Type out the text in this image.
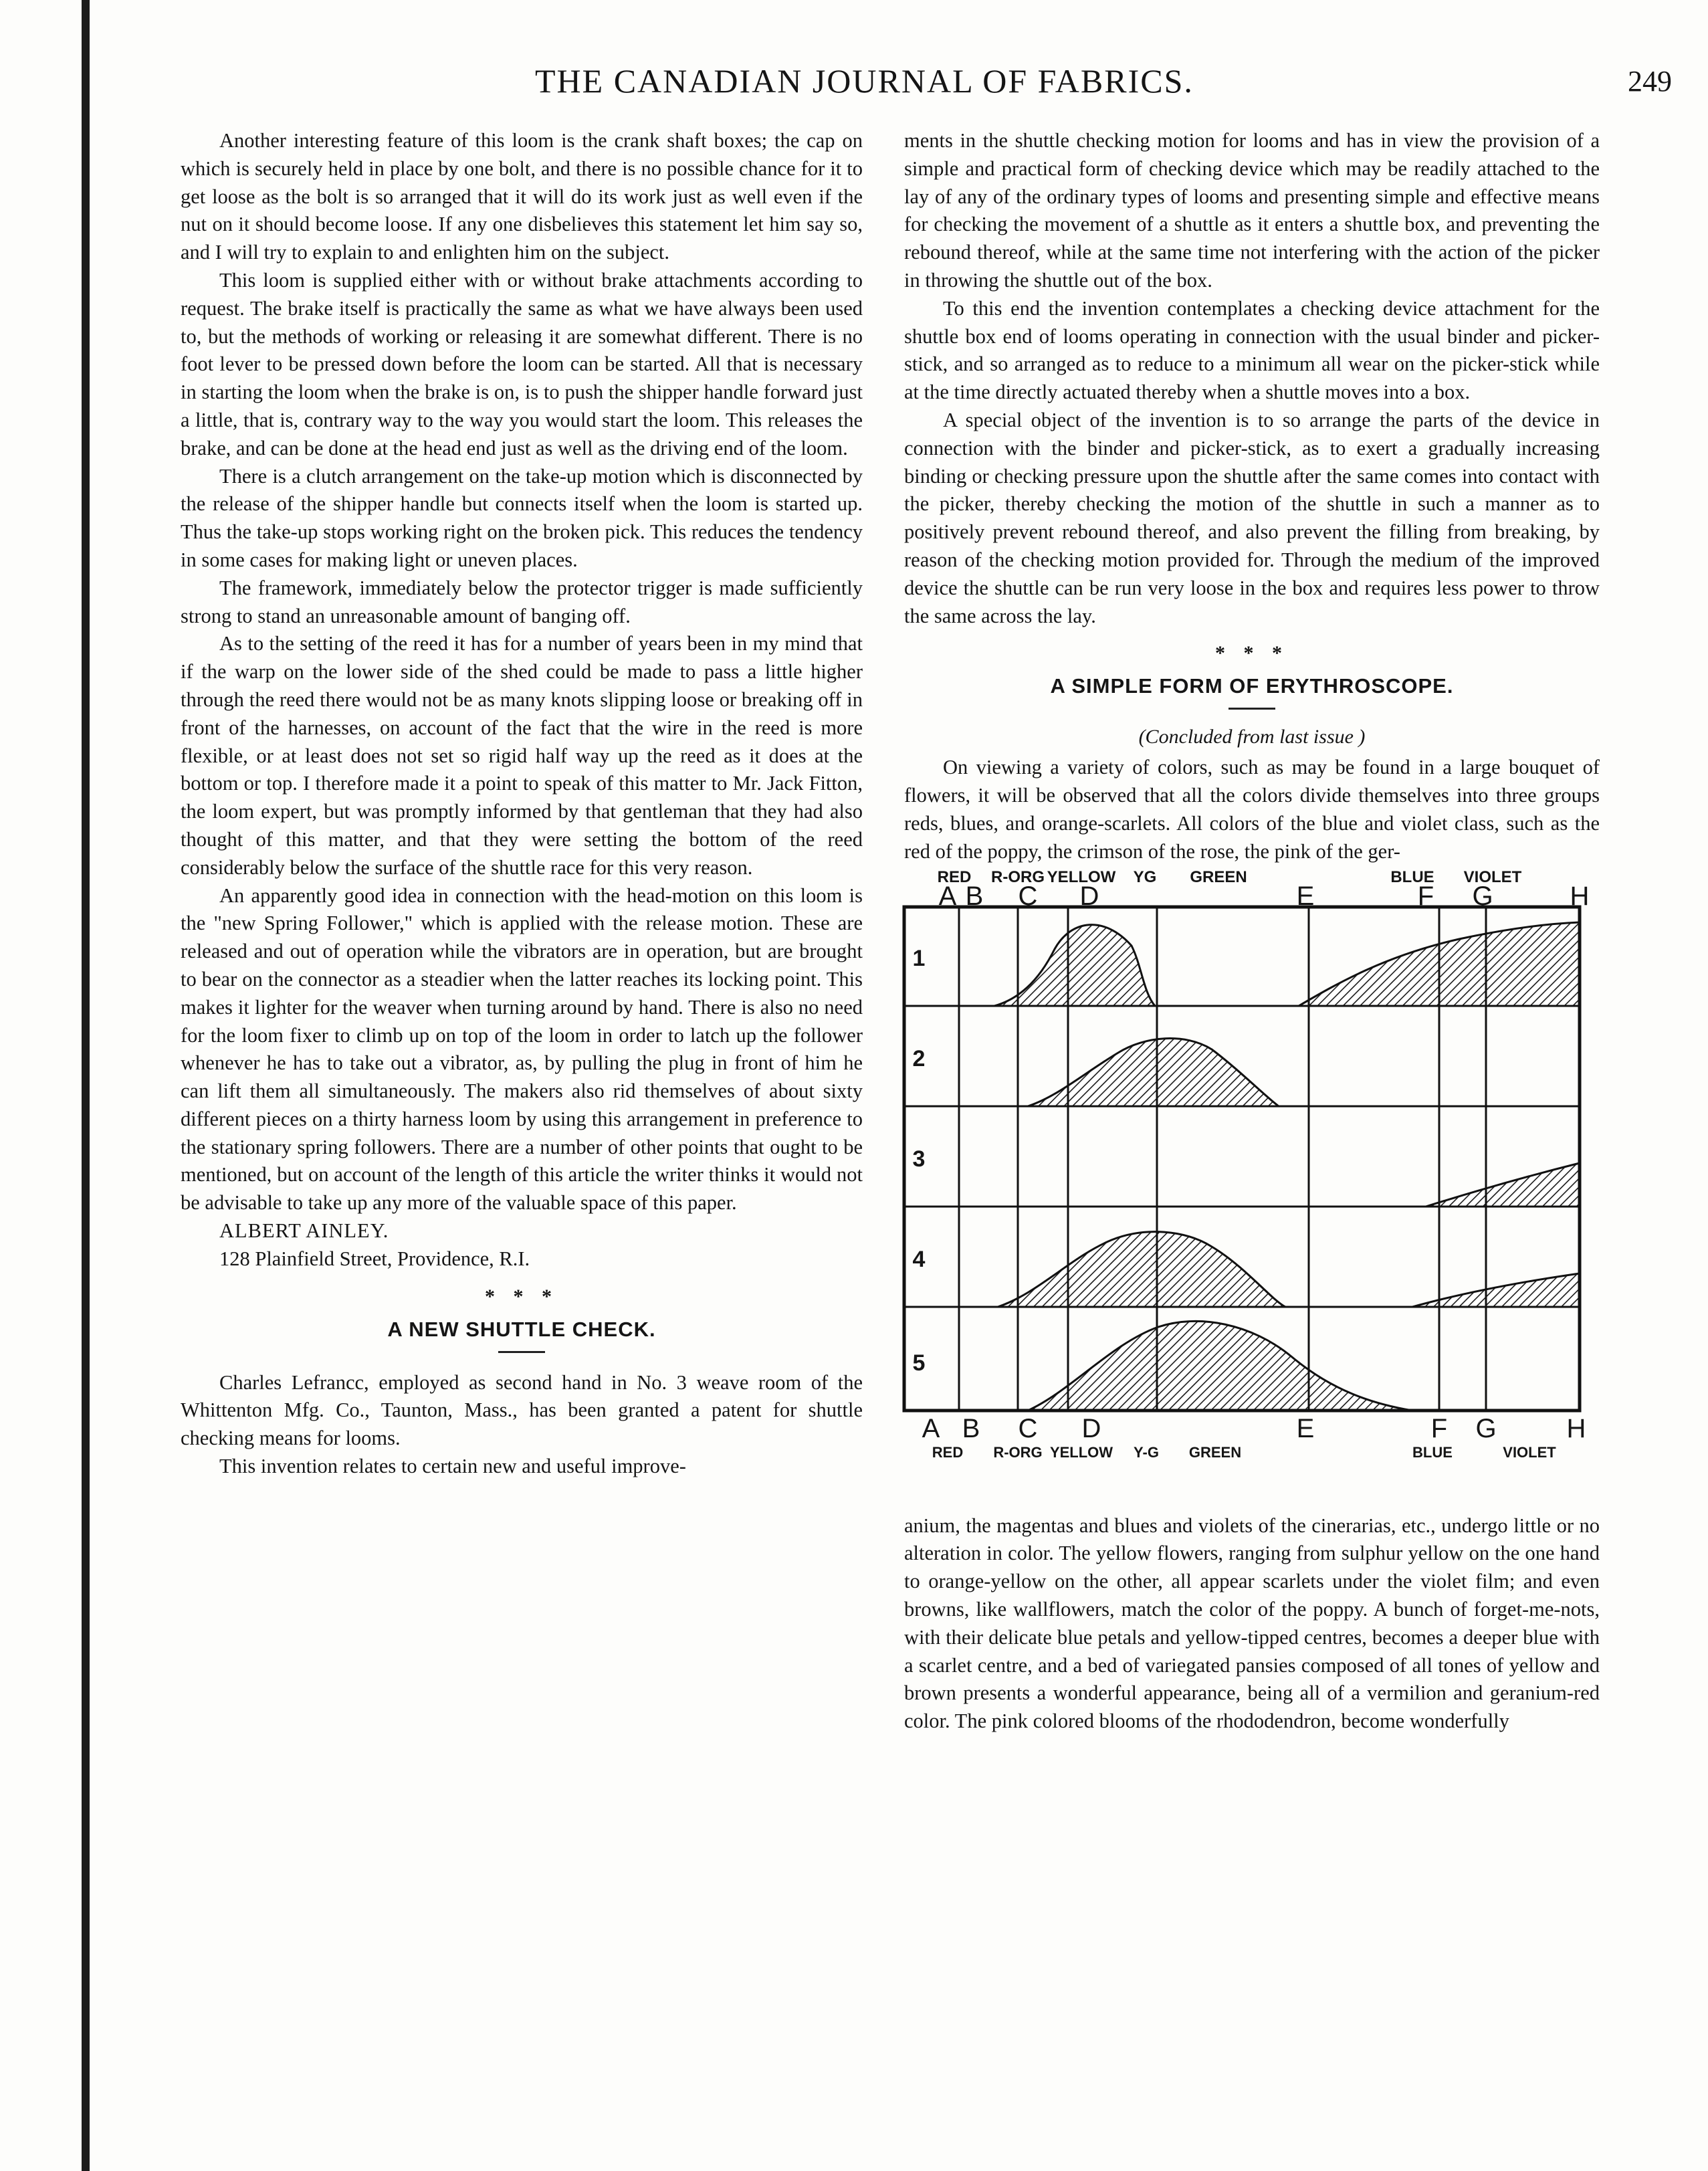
THE CANADIAN JOURNAL OF FABRICS.	249

Another interesting feature of this loom is the crank shaft boxes; the cap on which is securely held in place by one bolt, and there is no possible chance for it to get loose as the bolt is so arranged that it will do its work just as well even if the nut on it should become loose. If any one disbelieves this statement let him say so, and I will try to explain to and enlighten him on the subject.

This loom is supplied either with or without brake attachments according to request. The brake itself is practically the same as what we have always been used to, but the methods of working or releasing it are somewhat different. There is no foot lever to be pressed down before the loom can be started. All that is necessary in starting the loom when the brake is on, is to push the shipper handle forward just a little, that is, contrary way to the way you would start the loom. This releases the brake, and can be done at the head end just as well as the driving end of the loom.

There is a clutch arrangement on the take-up motion which is disconnected by the release of the shipper handle but connects itself when the loom is started up. Thus the take-up stops working right on the broken pick. This reduces the tendency in some cases for making light or uneven places.

The framework, immediately below the protector trigger is made sufficiently strong to stand an unreasonable amount of banging off.

As to the setting of the reed it has for a number of years been in my mind that if the warp on the lower side of the shed could be made to pass a little higher through the reed there would not be as many knots slipping loose or breaking off in front of the harnesses, on account of the fact that the wire in the reed is more flexible, or at least does not set so rigid half way up the reed as it does at the bottom or top. I therefore made it a point to speak of this matter to Mr. Jack Fitton, the loom expert, but was promptly informed by that gentleman that they had also thought of this matter, and that they were setting the bottom of the reed considerably below the surface of the shuttle race for this very reason.

An apparently good idea in connection with the head-motion on this loom is the "new Spring Follower," which is applied with the release motion. These are released and out of operation while the vibrators are in operation, but are brought to bear on the connector as a steadier when the latter reaches its locking point. This makes it lighter for the weaver when turning around by hand. There is also no need for the loom fixer to climb up on top of the loom in order to latch up the follower whenever he has to take out a vibrator, as, by pulling the plug in front of him he can lift them all simultaneously. The makers also rid themselves of about sixty different pieces on a thirty harness loom by using this arrangement in preference to the stationary spring followers. There are a number of other points that ought to be mentioned, but on account of the length of this article the writer thinks it would not be advisable to take up any more of the valuable space of this paper.

ALBERT AINLEY.

128 Plainfield Street, Providence, R.I.

* * *
A NEW SHUTTLE CHECK.

Charles Lefrancc, employed as second hand in No. 3 weave room of the Whittenton Mfg. Co., Taunton, Mass., has been granted a patent for shuttle checking means for looms.

This invention relates to certain new and useful improve-

ments in the shuttle checking motion for looms and has in view the provision of a simple and practical form of checking device which may be readily attached to the lay of any of the ordinary types of looms and presenting simple and effective means for checking the movement of a shuttle as it enters a shuttle box, and preventing the rebound thereof, while at the same time not interfering with the action of the picker in throwing the shuttle out of the box.

To this end the invention contemplates a checking device attachment for the shuttle box end of looms operating in connection with the usual binder and picker-stick, and so arranged as to reduce to a minimum all wear on the picker-stick while at the time directly actuated thereby when a shuttle moves into a box.

A special object of the invention is to so arrange the parts of the device in connection with the binder and picker-stick, as to exert a gradually increasing binding or checking pressure upon the shuttle after the same comes into contact with the picker, thereby checking the motion of the shuttle in such a manner as to positively prevent rebound thereof, and also prevent the filling from breaking, by reason of the checking motion provided for. Through the medium of the improved device the shuttle can be run very loose in the box and requires less power to throw the same across the lay.

* * *
A SIMPLE FORM OF ERYTHROSCOPE.
(Concluded from last issue )

On viewing a variety of colors, such as may be found in a large bouquet of flowers, it will be observed that all the colors divide themselves into three groups reds, blues, and orange-scarlets. All colors of the blue and violet class, such as the red of the poppy, the crimson of the rose, the pink of the ger-

RED R-ORG YELLOW YG GREEN	BLUE VIOLET
A B C D	E	F G	H
1
2
3
4
5
A B C D	E	F G	H
RED R-ORG YELLOW Y-G GREEN	BLUE	VIOLET

anium, the magentas and blues and violets of the cinerarias, etc., undergo little or no alteration in color. The yellow flowers, ranging from sulphur yellow on the one hand to orange-yellow on the other, all appear scarlets under the violet film; and even browns, like wallflowers, match the color of the poppy. A bunch of forget-me-nots, with their delicate blue petals and yellow-tipped centres, becomes a deeper blue with a scarlet centre, and a bed of variegated pansies composed of all tones of yellow and brown presents a wonderful appearance, being all of a vermilion and geranium-red color. The pink colored blooms of the rhododendron, become wonderfully
